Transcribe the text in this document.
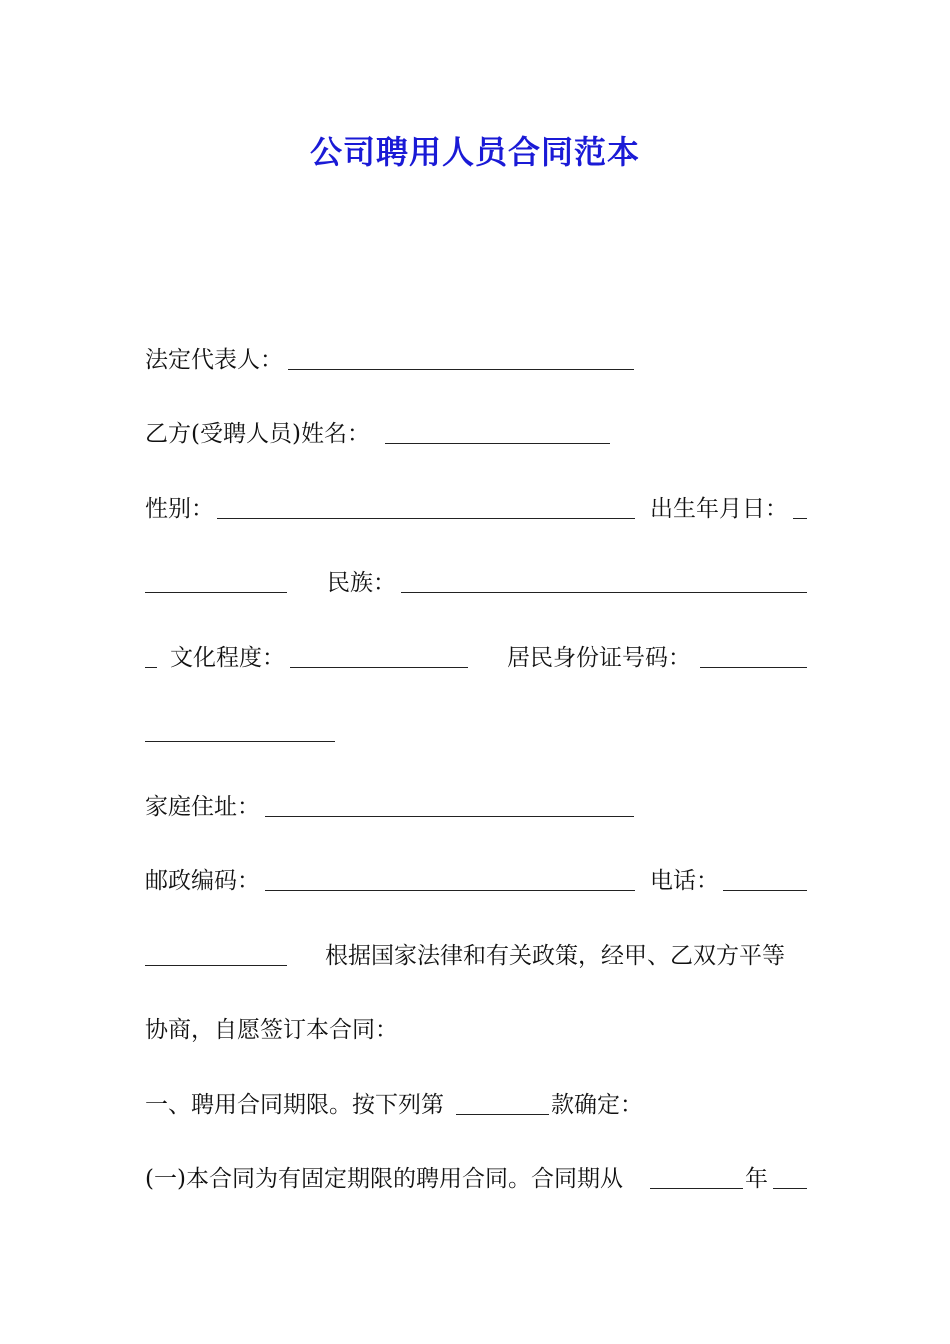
公司聘用人员合同范本
法定代表人：
乙方(受聘人员)姓名：
性别：	出生年月日：
民族：
文化程度：	居民身份证号码：
家庭住址：
邮政编码：	电话：
根据国家法律和有关政策，经甲、乙双方平等
协商，自愿签订本合同：
一、聘用合同期限。按下列第	款确定：
(一)本合同为有固定期限的聘用合同。合同期从	年
